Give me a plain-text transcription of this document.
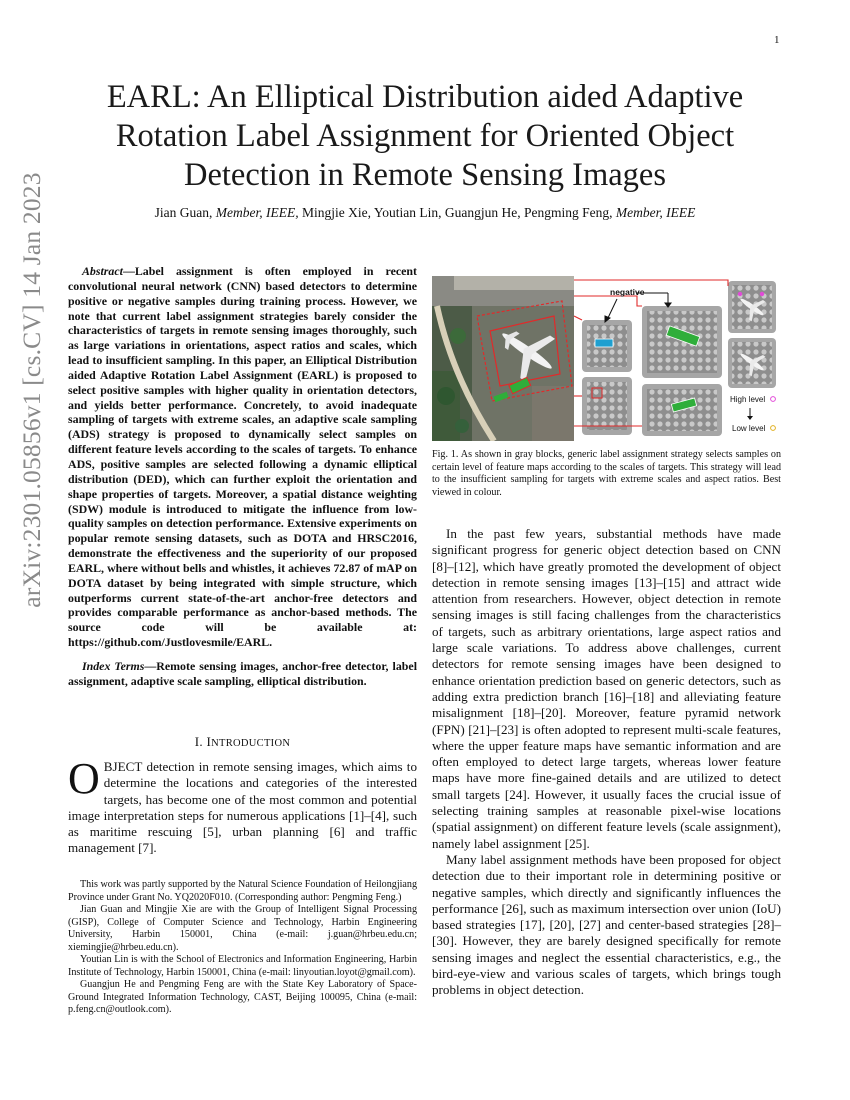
1
arXiv:2301.05856v1 [cs.CV] 14 Jan 2023
EARL: An Elliptical Distribution aided Adaptive Rotation Label Assignment for Oriented Object Detection in Remote Sensing Images
Jian Guan, Member, IEEE, Mingjie Xie, Youtian Lin, Guangjun He, Pengming Feng, Member, IEEE
Abstract—Label assignment is often employed in recent convolutional neural network (CNN) based detectors to determine positive or negative samples during training process. However, we note that current label assignment strategies barely consider the characteristics of targets in remote sensing images thoroughly, such as large variations in orientations, aspect ratios and scales, which lead to insufficient sampling. In this paper, an Elliptical Distribution aided Adaptive Rotation Label Assignment (EARL) is proposed to select positive samples with higher quality in orientation detectors, and yields better performance. Concretely, to avoid inadequate sampling of targets with extreme scales, an adaptive scale sampling (ADS) strategy is proposed to dynamically select samples on different feature levels according to the scales of targets. To enhance ADS, positive samples are selected following a dynamic elliptical distribution (DED), which can further exploit the orientation and shape properties of targets. Moreover, a spatial distance weighting (SDW) module is introduced to mitigate the influence from low-quality samples on detection performance. Extensive experiments on popular remote sensing datasets, such as DOTA and HRSC2016, demonstrate the effectiveness and the superiority of our proposed EARL, where without bells and whistles, it achieves 72.87 of mAP on DOTA dataset by being integrated with simple structure, which outperforms current state-of-the-art anchor-free detectors and provides comparable performance as anchor-based methods. The source code will be available at: https://github.com/Justlovesmile/EARL.
Index Terms—Remote sensing images, anchor-free detector, label assignment, adaptive scale sampling, elliptical distribution.
I. INTRODUCTION
OBJECT detection in remote sensing images, which aims to determine the locations and categories of the interested targets, has become one of the most common and potential image interpretation steps for numerous applications [1]–[4], such as maritime rescuing [5], urban planning [6] and traffic management [7].

This work was partly supported by the Natural Science Foundation of Heilongjiang Province under Grant No. YQ2020F010. (Corresponding author: Pengming Feng.)

Jian Guan and Mingjie Xie are with the Group of Intelligent Signal Processing (GISP), College of Computer Science and Technology, Harbin Engineering University, Harbin 150001, China (e-mail: j.guan@hrbeu.edu.cn; xiemingjie@hrbeu.edu.cn).

Youtian Lin is with the School of Electronics and Information Engineering, Harbin Institute of Technology, Harbin 150001, China (e-mail: linyoutian.loyot@gmail.com).

Guangjun He and Pengming Feng are with the State Key Laboratory of Space-Ground Integrated Information Technology, CAST, Beijing 100095, China (e-mail: p.feng.cn@outlook.com).

negative
High level
Low level
Fig. 1. As shown in gray blocks, generic label assignment strategy selects samples on certain level of feature maps according to the scales of targets. This strategy will lead to the insufficient sampling for targets with extreme scales and aspect ratios. Best viewed in colour.

In the past few years, substantial methods have made significant progress for generic object detection based on CNN [8]–[12], which have greatly promoted the development of object detection in remote sensing images [13]–[15] and attract wide attention from researchers. However, object detection in remote sensing images is still facing challenges from the characteristics of targets, such as arbitrary orientations, large aspect ratios and large scale variations. To address above challenges, current detectors for remote sensing images have been designed to enhance orientation prediction based on generic detectors, such as adding extra prediction branch [16]–[18] and alleviating feature misalignment [18]–[20]. Moreover, feature pyramid network (FPN) [21]–[23] is often adopted to represent multi-scale features, where the upper feature maps have semantic information and are often employed to detect large targets, whereas lower feature maps have more fine-gained details and are utilized to detect small targets [24]. However, it usually faces the crucial issue of selecting training samples at reasonable pixel-wise locations (spatial assignment) on different feature levels (scale assignment), namely label assignment [25].

Many label assignment methods have been proposed for object detection due to their important role in determining positive or negative samples, which directly and significantly influences the performance [26], such as maximum intersection over union (IoU) based strategies [17], [20], [27] and center-based strategies [28]–[30]. However, they are barely designed specifically for remote sensing images and neglect the essential characteristics, e.g., the bird-eye-view and various scales of targets, which brings tough problems in object detection.
